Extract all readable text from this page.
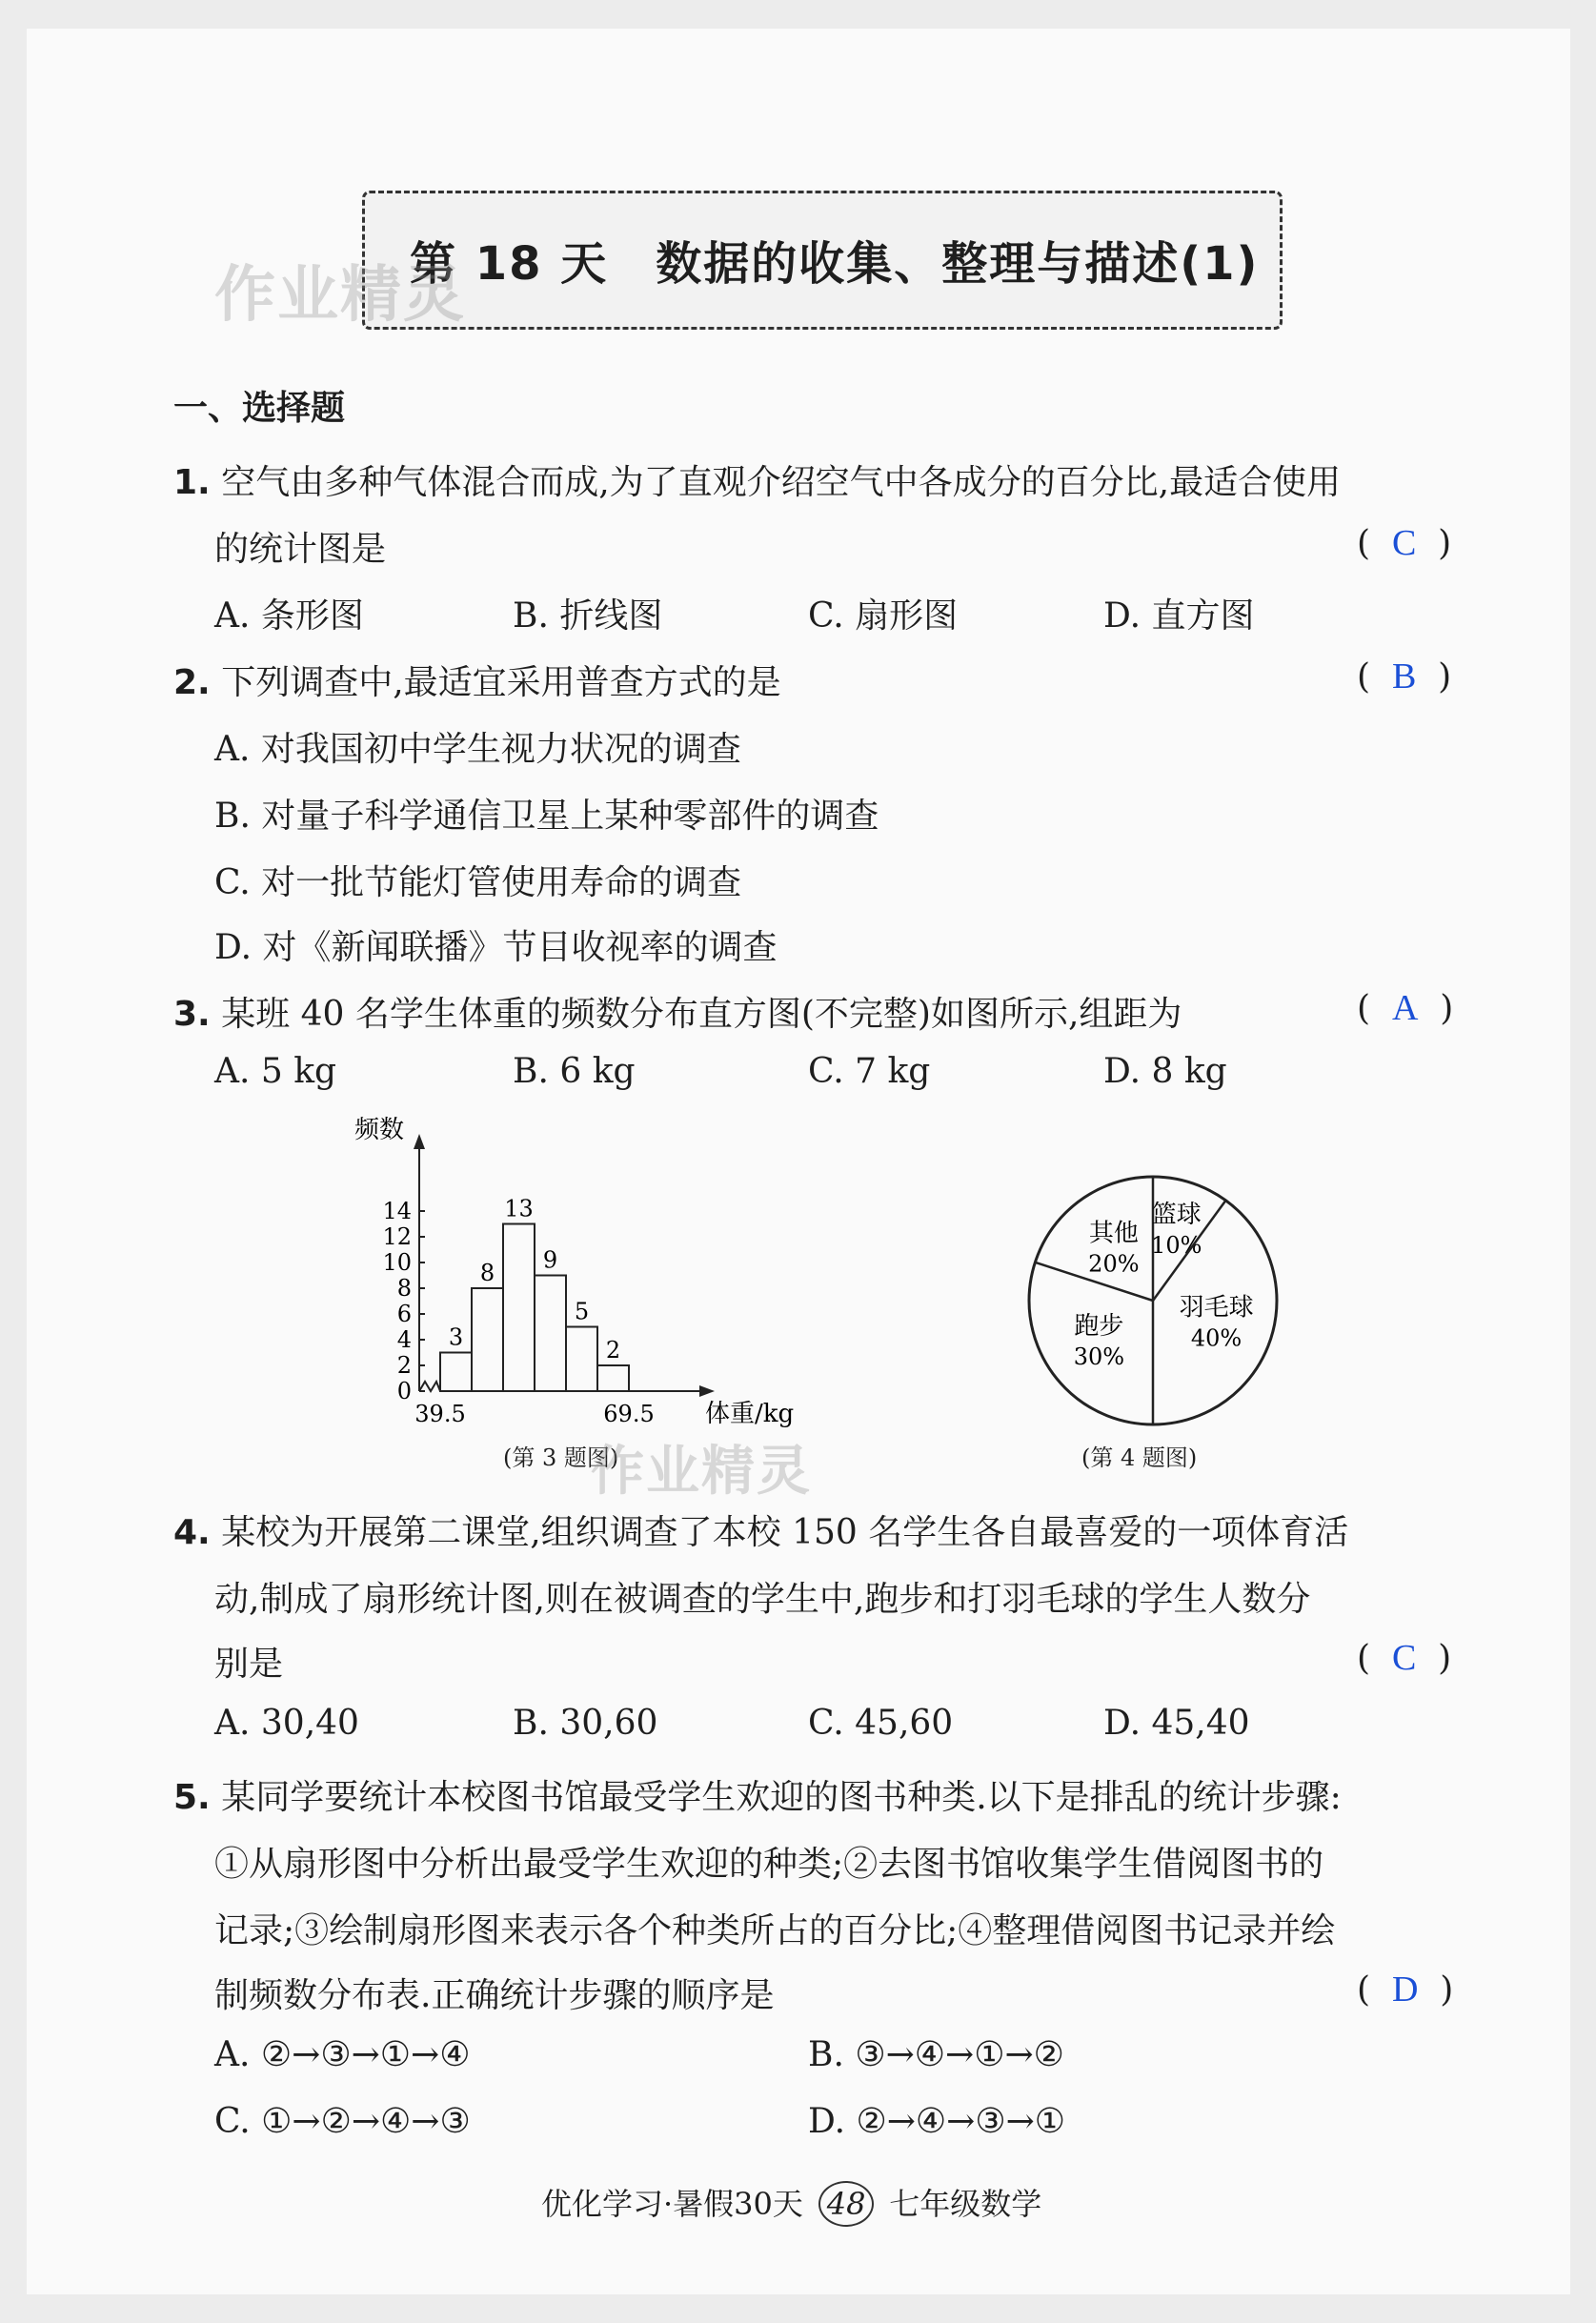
第 18 天　数据的收集、整理与描述(1)
作业精灵
一、选择题
1. 空气由多种气体混合而成,为了直观介绍空气中各成分的百分比,最适合使用
的统计图是	(  C  )
A. 条形图	B. 折线图	C. 扇形图	D. 直方图
2. 下列调查中,最适宜采用普查方式的是	(  B  )
A. 对我国初中学生视力状况的调查
B. 对量子科学通信卫星上某种零部件的调查
C. 对一批节能灯管使用寿命的调查
D. 对《新闻联播》节目收视率的调查
3. 某班 40 名学生体重的频数分布直方图(不完整)如图所示,组距为	(  A  )
A. 5 kg	B. 6 kg	C. 7 kg	D. 8 kg
频数
体重/kg
0
2
4
6
8
10
12
14
3
8
13
9
5
2
39.5	69.5
(第 3 题图)
作业精灵
篮球
10%
羽毛球
40%
跑步
30%
其他
20%
(第 4 题图)
4. 某校为开展第二课堂,组织调查了本校 150 名学生各自最喜爱的一项体育活
动,制成了扇形统计图,则在被调查的学生中,跑步和打羽毛球的学生人数分
别是	(  C  )
A. 30,40	B. 30,60	C. 45,60	D. 45,40
5. 某同学要统计本校图书馆最受学生欢迎的图书种类.以下是排乱的统计步骤:
①从扇形图中分析出最受学生欢迎的种类;②去图书馆收集学生借阅图书的
记录;③绘制扇形图来表示各个种类所占的百分比;④整理借阅图书记录并绘
制频数分布表.正确统计步骤的顺序是	(  D  )
A. ②→③→①→④	B. ③→④→①→②
C. ①→②→④→③	D. ②→④→③→①
优化学习·暑假30天 48 七年级数学
